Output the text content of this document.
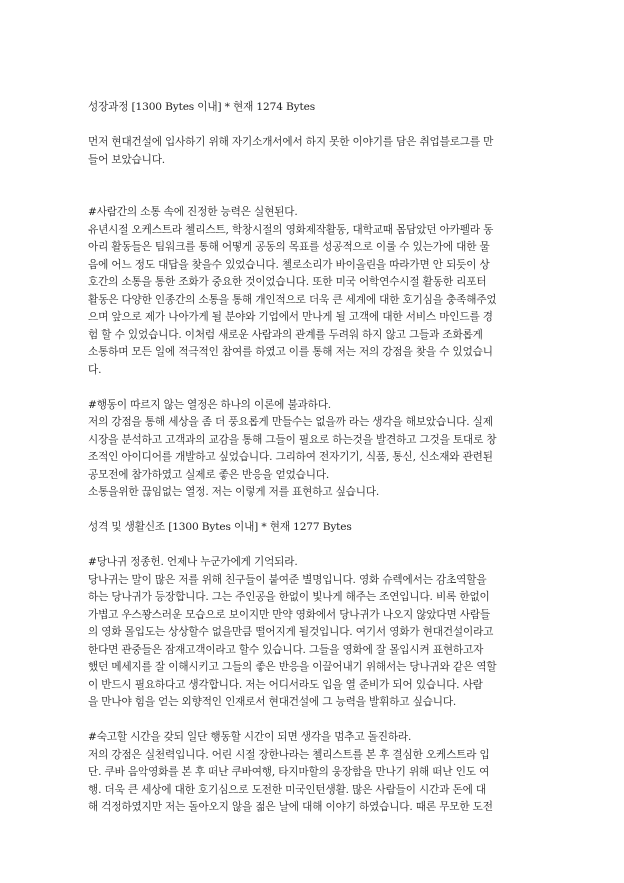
성장과정 [1300 Bytes 이내] * 현재 1274 Bytes
먼저 현대건설에 입사하기 위해 자기소개서에서 하지 못한 이야기를 담은 취업블로그를 만
들어 보았습니다.
#사람간의 소통 속에 진정한 능력은 실현된다.
유년시절 오케스트라 첼리스트, 학창시절의 영화제작활동, 대학교때 몸담았던 아카펠라 동
아리 활동들은 팀워크를 통해 어떻게 공동의 목표를 성공적으로 이룰 수 있는가에 대한 물
음에 어느 정도 대답을 찾을수 있었습니다. 첼로소리가 바이올린을 따라가면 안 되듯이 상
호간의 소통을 통한 조화가 중요한 것이었습니다. 또한 미국 어학연수시절 활동한 리포터
활동은 다양한 인종간의 소통을 통해 개인적으로 더욱 큰 세계에 대한 호기심을 충족해주었
으며 앞으로 제가 나아가게 될 분야와 기업에서 만나게 될 고객에 대한 서비스 마인드를 경
험 할 수 있었습니다. 이처럼 새로운 사람과의 관계를 두려워 하지 않고 그들과 조화롭게
소통하며 모든 일에 적극적인 참여를 하였고 이를 통해 저는 저의 강점을 찾을 수 있었습니
다.
#행동이 따르지 않는 열정은 하나의 이론에 불과하다.
저의 강점을 통해 세상을 좀 더 풍요롭게 만들수는 없을까 라는 생각을 해보았습니다. 실제
시장을 분석하고 고객과의 교감을 통해 그들이 필요로 하는것을 발견하고 그것을 토대로 창
조적인 아이디어를 개발하고 싶었습니다. 그리하여 전자기기, 식품, 통신, 신소재와 관련된
공모전에 참가하였고 실제로 좋은 반응을 얻었습니다.
소통을위한 끊임없는 열정. 저는 이렇게 저를 표현하고 싶습니다.
성격 및 생활신조 [1300 Bytes 이내] * 현재 1277 Bytes
#당나귀 정종헌. 언제나 누군가에게 기억되라.
당나귀는 말이 많은 저를 위해 친구들이 붙여준 별명입니다. 영화 슈렉에서는 감초역할을
하는 당나귀가 등장합니다. 그는 주인공을 한없이 빛나게 해주는 조연입니다. 비록 한없이
가볍고 우스꽝스러운 모습으로 보이지만 만약 영화에서 당나귀가 나오지 않았다면 사람들
의 영화 몰입도는 상상할수 없을만큼 떨어지게 될것입니다. 여기서 영화가 현대건설이라고
한다면 관중들은 잠재고객이라고 할수 있습니다. 그들을 영화에 잘 몰입시켜 표현하고자
했던 메세지를 잘 이해시키고 그들의 좋은 반응을 이끌어내기 위해서는 당나귀와 같은 역할
이 반드시 필요하다고 생각합니다. 저는 어디서라도 입을 열 준비가 되어 있습니다. 사람
을 만나야 힘을 얻는 외향적인 인재로서 현대건설에 그 능력을 발휘하고 싶습니다.
#숙고할 시간을 갖되 일단 행동할 시간이 되면 생각을 멈추고 돌진하라.
저의 강점은 실천력입니다. 어린 시절 장한나라는 첼리스트를 본 후 결심한 오케스트라 입
단. 쿠바 음악영화를 본 후 떠난 쿠바여행, 타지마할의 웅장함을 만나기 위해 떠난 인도 여
행. 더욱 큰 세상에 대한 호기심으로 도전한 미국인턴생활. 많은 사람들이 시간과 돈에 대
해 걱정하였지만 저는 돌아오지 않을 젊은 날에 대해 이야기 하였습니다. 때론 무모한 도전
